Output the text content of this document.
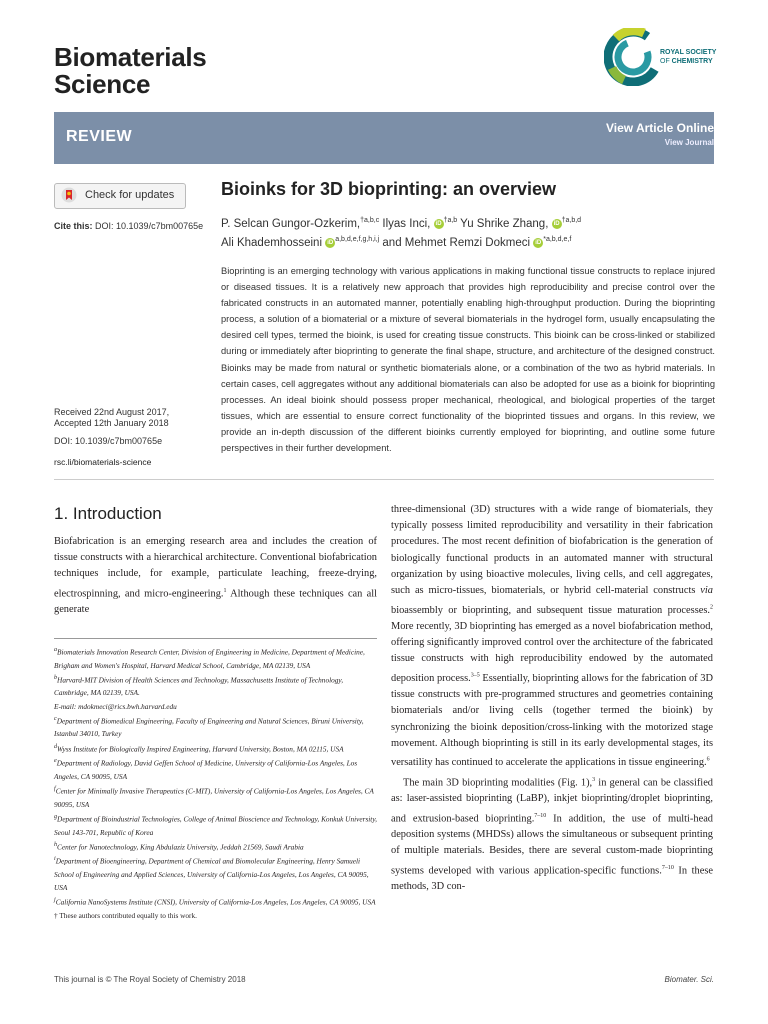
Biomaterials
Science
ROYAL SOCIETY
OF CHEMISTRY
REVIEW	View Article Online
View Journal
Check for updates
Cite this: DOI: 10.1039/c7bm00765e
Received 22nd August 2017,
Accepted 12th January 2018
DOI: 10.1039/c7bm00765e
rsc.li/biomaterials-science
Bioinks for 3D bioprinting: an overview
P. Selcan Gungor-Ozkerim,$^{\dagger a,b,c}$ Ilyas Inci, iD $^{\dagger a,b}$ Yu Shrike Zhang, iD $^{\dagger a,b,d}$
Ali Khademhosseini iD $^{a,b,d,e,f,g,h,i,j}$ and Mehmet Remzi Dokmeci iD $^{*a,b,d,e,f}$
Bioprinting is an emerging technology with various applications in making functional tissue constructs to replace injured or diseased tissues. It is a relatively new approach that provides high reproducibility and precise control over the fabricated constructs in an automated manner, potentially enabling high-throughput production. During the bioprinting process, a solution of a biomaterial or a mixture of several biomaterials in the hydrogel form, usually encapsulating the desired cell types, termed the bioink, is used for creating tissue constructs. This bioink can be cross-linked or stabilized during or immediately after bioprinting to generate the final shape, structure, and architecture of the designed construct. Bioinks may be made from natural or synthetic biomaterials alone, or a combination of the two as hybrid materials. In certain cases, cell aggregates without any additional biomaterials can also be adopted for use as a bioink for bioprinting processes. An ideal bioink should possess proper mechanical, rheological, and biological properties of the target tissues, which are essential to ensure correct functionality of the bioprinted tissues and organs. In this review, we provide an in-depth discussion of the different bioinks currently employed for bioprinting, and outline some future perspectives in their further development.
1. Introduction
Biofabrication is an emerging research area and includes the creation of tissue constructs with a hierarchical architecture. Conventional biofabrication techniques include, for example, particulate leaching, freeze-drying, electrospinning, and micro-engineering.$^1$ Although these techniques can all generate
$^a$Biomaterials Innovation Research Center, Division of Engineering in Medicine, Department of Medicine, Brigham and Women's Hospital, Harvard Medical School, Cambridge, MA 02139, USA
$^b$Harvard-MIT Division of Health Sciences and Technology, Massachusetts Institute of Technology, Cambridge, MA 02139, USA.
E-mail: mdokmeci@rics.bwh.harvard.edu
$^c$Department of Biomedical Engineering, Faculty of Engineering and Natural Sciences, Biruni University, Istanbul 34010, Turkey
$^d$Wyss Institute for Biologically Inspired Engineering, Harvard University, Boston, MA 02115, USA
$^e$Department of Radiology, David Geffen School of Medicine, University of California-Los Angeles, Los Angeles, CA 90095, USA
$^f$Center for Minimally Invasive Therapeutics (C-MIT), University of California-Los Angeles, Los Angeles, CA 90095, USA
$^g$Department of Bioindustrial Technologies, College of Animal Bioscience and Technology, Konkuk University, Seoul 143-701, Republic of Korea
$^h$Center for Nanotechnology, King Abdulaziz University, Jeddah 21569, Saudi Arabia
$^i$Department of Bioengineering, Department of Chemical and Biomolecular Engineering, Henry Samueli School of Engineering and Applied Sciences, University of California-Los Angeles, Los Angeles, CA 90095, USA
$^j$California NanoSystems Institute (CNSI), University of California-Los Angeles, Los Angeles, CA 90095, USA
† These authors contributed equally to this work.
three-dimensional (3D) structures with a wide range of biomaterials, they typically possess limited reproducibility and versatility in their fabrication procedures. The most recent definition of biofabrication is the generation of biologically functional products in an automated manner with structural organization by using bioactive molecules, living cells, and cell aggregates, such as micro-tissues, biomaterials, or hybrid cell-material constructs via bioassembly or bioprinting, and subsequent tissue maturation processes.$^2$ More recently, 3D bioprinting has emerged as a novel biofabrication method, offering significantly improved control over the architecture of the fabricated tissue constructs with high reproducibility endowed by the automated deposition process.$^{3-5}$ Essentially, bioprinting allows for the fabrication of 3D tissue constructs with pre-programmed structures and geometries containing biomaterials and/or living cells (together termed the bioink) by synchronizing the bioink deposition/cross-linking with the motorized stage movement. Although bioprinting is still in its early developmental stages, its versatility has continued to accelerate the applications in tissue engineering.$^6$
The main 3D bioprinting modalities (Fig. 1),$^3$ in general can be classified as: laser-assisted bioprinting (LaBP), inkjet bioprinting/droplet bioprinting, and extrusion-based bioprinting.$^{7-10}$ In addition, the use of multi-head deposition systems (MHDSs) allows the simultaneous or subsequent printing of multiple materials. Besides, there are several custom-made bioprinting systems developed with various application-specific functions.$^{7-10}$ In these methods, 3D con-
This journal is © The Royal Society of Chemistry 2018	Biomater. Sci.
